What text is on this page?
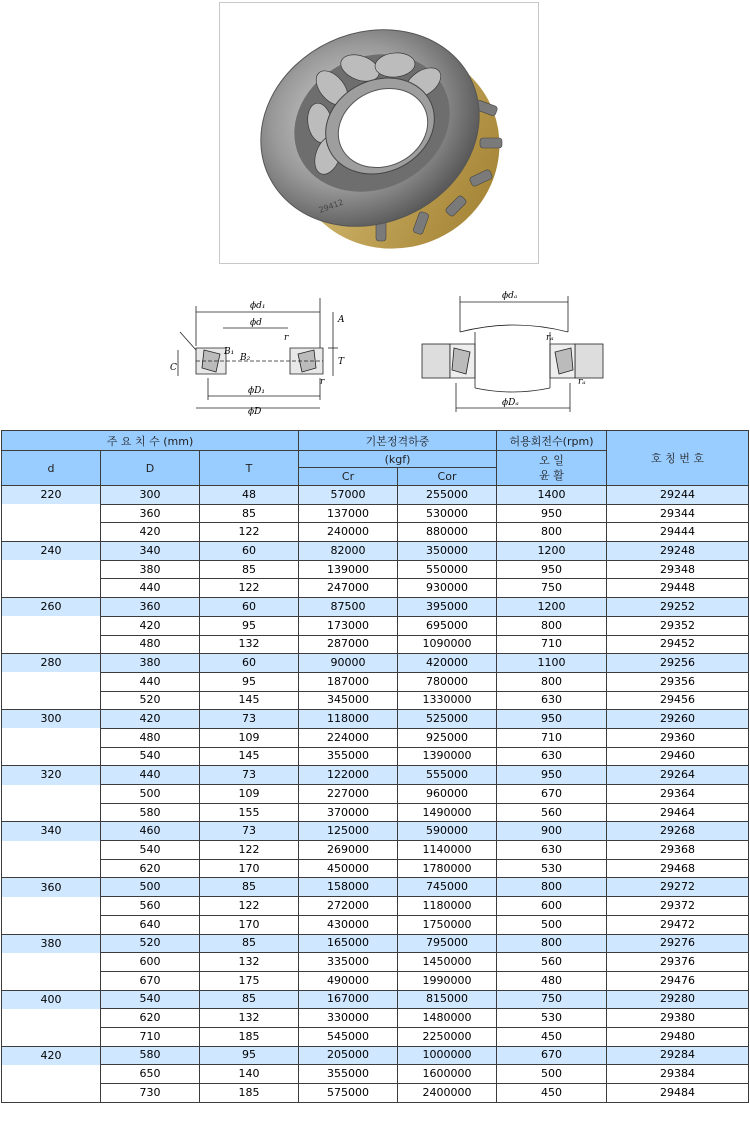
29412
ϕd₁
ϕd	A
B₁
B₂
r
T
C
r
ϕD₁
ϕD
ϕdₐ
rₐ
rₐ
ϕDₐ
주 요 치 수 (mm)			기본정격하중		허용회전수(rpm)	호 칭 번 호
d	D	T	(kgf)		오 일
윤 활	
			Cr	Cor		
220	300	48	57000	255000	1400	29244
	360	85	137000	530000	950	29344
	420	122	240000	880000	800	29444
240	340	60	82000	350000	1200	29248
	380	85	139000	550000	950	29348
	440	122	247000	930000	750	29448
260	360	60	87500	395000	1200	29252
	420	95	173000	695000	800	29352
	480	132	287000	1090000	710	29452
280	380	60	90000	420000	1100	29256
	440	95	187000	780000	800	29356
	520	145	345000	1330000	630	29456
300	420	73	118000	525000	950	29260
	480	109	224000	925000	710	29360
	540	145	355000	1390000	630	29460
320	440	73	122000	555000	950	29264
	500	109	227000	960000	670	29364
	580	155	370000	1490000	560	29464
340	460	73	125000	590000	900	29268
	540	122	269000	1140000	630	29368
	620	170	450000	1780000	530	29468
360	500	85	158000	745000	800	29272
	560	122	272000	1180000	600	29372
	640	170	430000	1750000	500	29472
380	520	85	165000	795000	800	29276
	600	132	335000	1450000	560	29376
	670	175	490000	1990000	480	29476
400	540	85	167000	815000	750	29280
	620	132	330000	1480000	530	29380
	710	185	545000	2250000	450	29480
420	580	95	205000	1000000	670	29284
	650	140	355000	1600000	500	29384
	730	185	575000	2400000	450	29484
